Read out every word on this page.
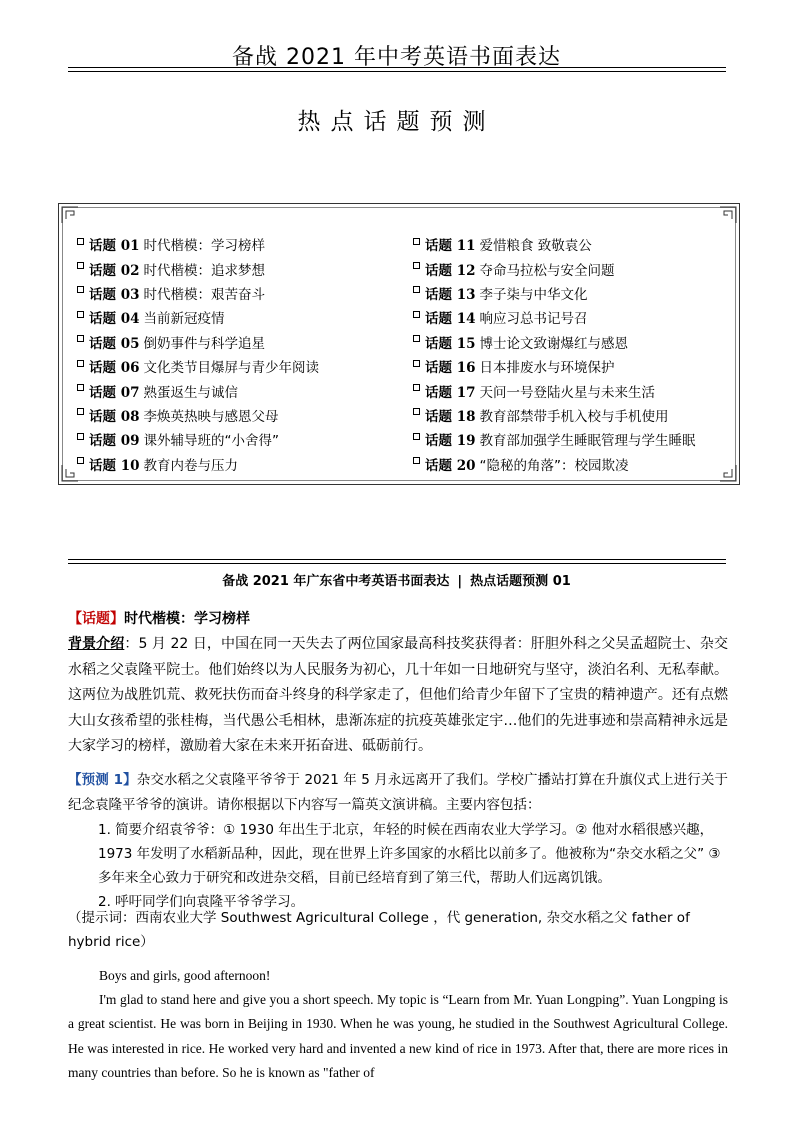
备战 2021 年中考英语书面表达
热点话题预测
话题 01 时代楷模：学习榜样
话题 02 时代楷模：追求梦想
话题 03 时代楷模：艰苦奋斗
话题 04 当前新冠疫情
话题 05 倒奶事件与科学追星
话题 06 文化类节目爆屏与青少年阅读
话题 07 熟蛋返生与诚信
话题 08 李焕英热映与感恩父母
话题 09 课外辅导班的“小舍得”
话题 10 教育内卷与压力
话题 11 爱惜粮食 致敬袁公
话题 12 夺命马拉松与安全问题
话题 13 李子柒与中华文化
话题 14 响应习总书记号召
话题 15 博士论文致谢爆红与感恩
话题 16 日本排废水与环境保护
话题 17 天问一号登陆火星与未来生活
话题 18 教育部禁带手机入校与手机使用
话题 19 教育部加强学生睡眠管理与学生睡眠
话题 20 “隐秘的角落”：校园欺凌
备战 2021 年广东省中考英语书面表达 | 热点话题预测 01
【话题】时代楷模：学习榜样
背景介绍：5 月 22 日，中国在同一天失去了两位国家最高科技奖获得者：肝胆外科之父吴孟超院士、杂交水稻之父袁隆平院士。他们始终以为人民服务为初心，几十年如一日地研究与坚守，淡泊名利、无私奉献。这两位为战胜饥荒、救死扶伤而奋斗终身的科学家走了，但他们给青少年留下了宝贵的精神遗产。还有点燃大山女孩希望的张桂梅，当代愚公毛相林，患渐冻症的抗疫英雄张定宇…他们的先进事迹和崇高精神永远是大家学习的榜样，激励着大家在未来开拓奋进、砥砺前行。
【预测 1】杂交水稻之父袁隆平爷爷于 2021 年 5 月永远离开了我们。学校广播站打算在升旗仪式上进行关于纪念袁隆平爷爷的演讲。请你根据以下内容写一篇英文演讲稿。主要内容包括：
1. 简要介绍袁爷爷：① 1930 年出生于北京，年轻的时候在西南农业大学学习。② 他对水稻很感兴趣，1973 年发明了水稻新品种，因此，现在世界上许多国家的水稻比以前多了。他被称为“杂交水稻之父” ③多年来全心致力于研究和改进杂交稻，目前已经培育到了第三代，帮助人们远离饥饿。
2. 呼吁同学们向袁隆平爷爷学习。
（提示词：西南农业大学 Southwest Agricultural College ，代 generation, 杂交水稻之父 father of hybrid rice）

Boys and girls, good afternoon!

I'm glad to stand here and give you a short speech. My topic is “Learn from Mr. Yuan Longping”. Yuan Longping is a great scientist. He was born in Beijing in 1930. When he was young, he studied in the Southwest Agricultural College. He was interested in rice. He worked very hard and invented a new kind of rice in 1973. After that, there are more rices in many countries than before. So he is known as "father of
